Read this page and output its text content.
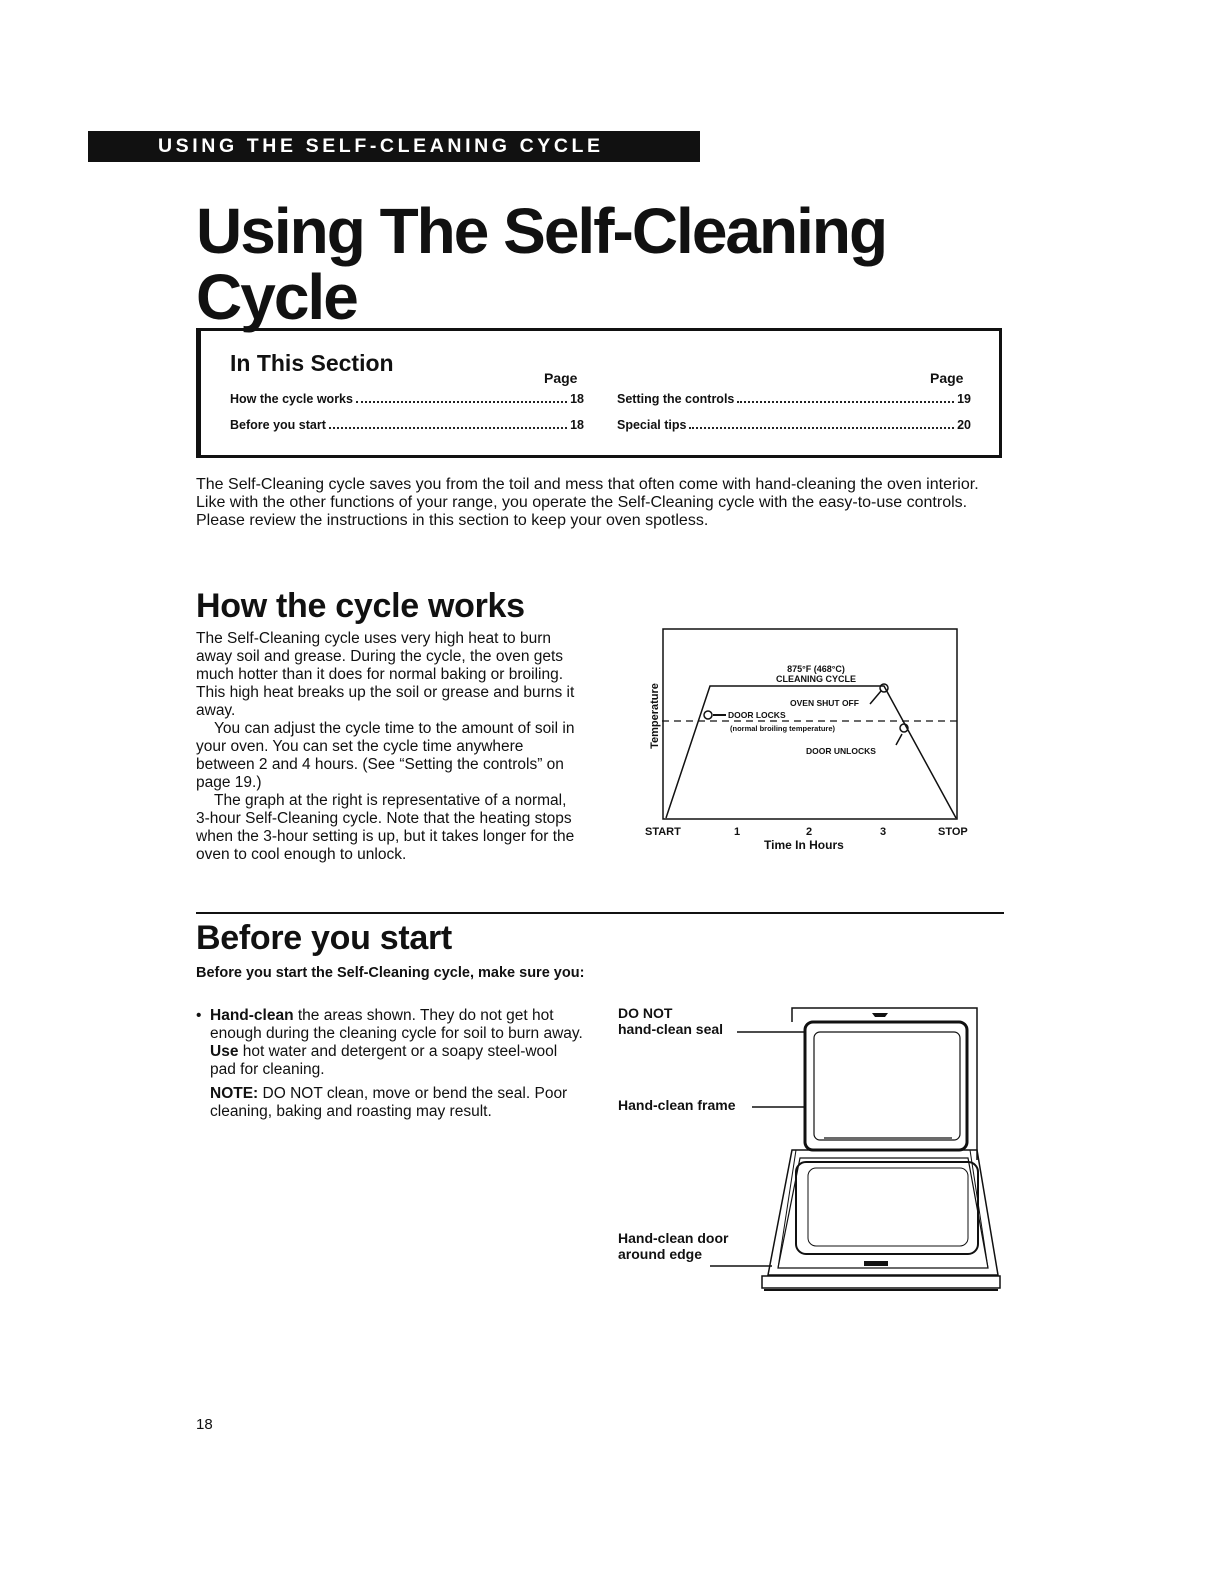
USING THE SELF-CLEANING CYCLE
Using The Self-Cleaning
Cycle
In This Section
Page	Page
How the cycle works	18
Before you start	18
Setting the controls	19
Special tips	20

The Self-Cleaning cycle saves you from the toil and mess that often come with hand-cleaning the oven interior. Like with the other functions of your range, you operate the Self-Cleaning cycle with the easy-to-use controls. Please review the instructions in this section to keep your oven spotless.

How the cycle works

The Self-Cleaning cycle uses very high heat to burn away soil and grease. During the cycle, the oven gets much hotter than it does for normal baking or broiling. This high heat breaks up the soil or grease and burns it away.

You can adjust the cycle time to the amount of soil in your oven. You can set the cycle time anywhere between 2 and 4 hours. (See “Setting the controls” on page 19.)

The graph at the right is representative of a normal, 3-hour Self-Cleaning cycle. Note that the heating stops when the 3-hour setting is up, but it takes longer for the oven to cool enough to unlock.

875°F (468°C)
CLEANING CYCLE
OVEN SHUT OFF
DOOR LOCKS
(normal broiling temperature)
DOOR UNLOCKS
Temperature
START	1	2	3	STOP
Time In Hours
Before you start

Before you start the Self-Cleaning cycle, make sure you:

• Hand-clean the areas shown. They do not get hot enough during the cleaning cycle for soil to burn away. Use hot water and detergent or a soapy steel-wool pad for cleaning.
NOTE: DO NOT clean, move or bend the seal. Poor cleaning, baking and roasting may result.
DO NOT
hand-clean seal
Hand-clean frame
Hand-clean door
around edge
18
